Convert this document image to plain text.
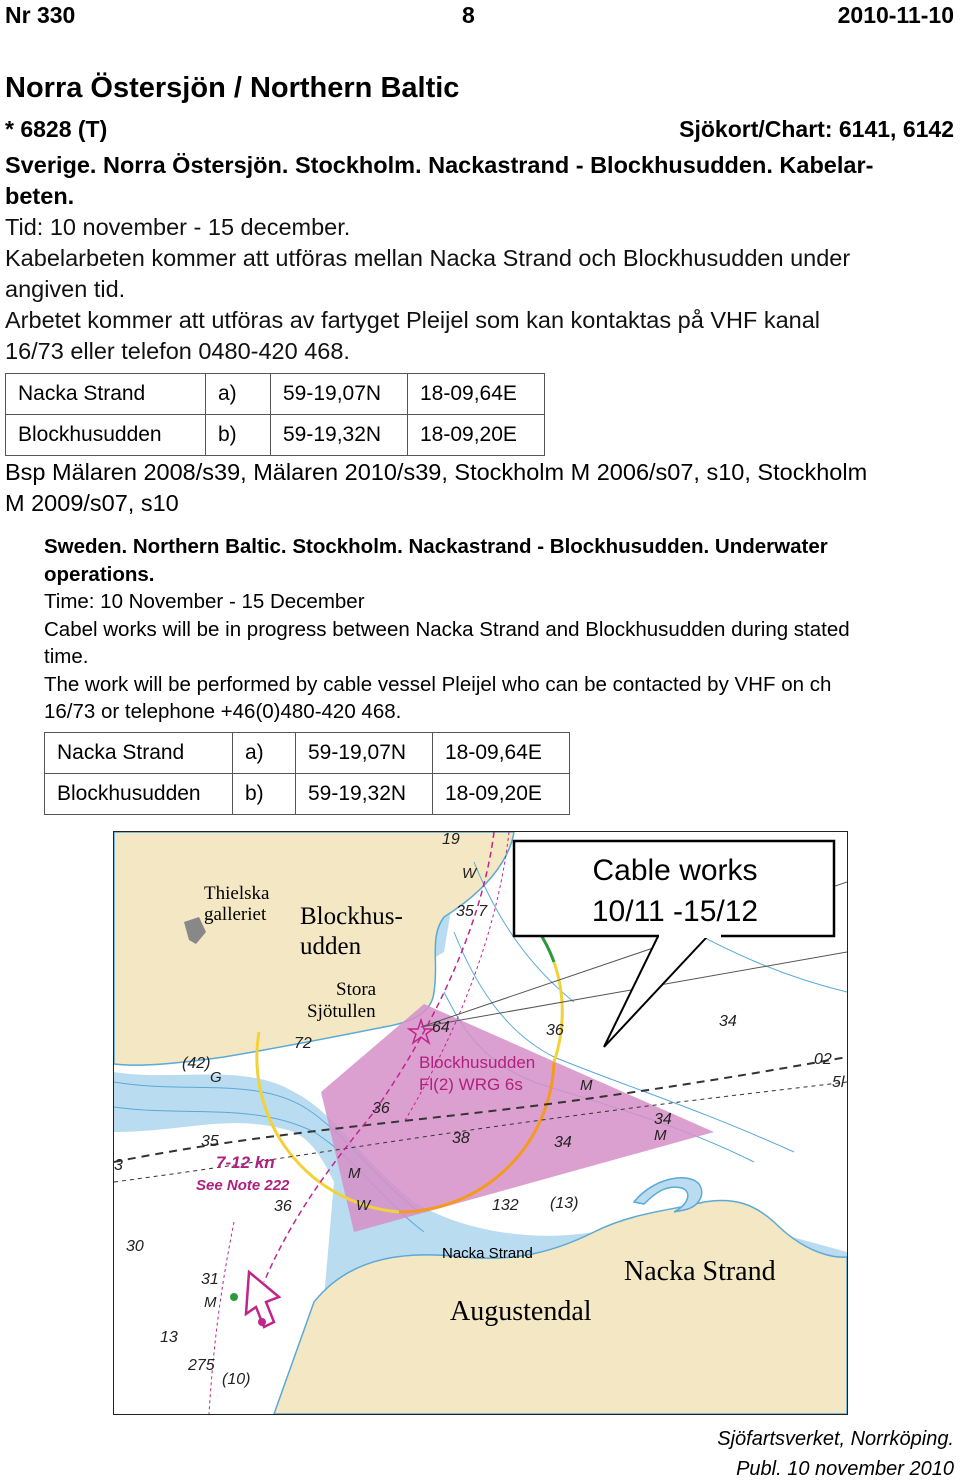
Nr 330	8	2010-11-10
Norra Östersjön / Northern Baltic
* 6828 (T)	Sjökort/Chart: 6141, 6142
Sverige. Norra Östersjön. Stockholm. Nackastrand - Blockhusudden. Kabelar-
beten.
Tid: 10 november - 15 december.
Kabelarbeten kommer att utföras mellan Nacka Strand och Blockhusudden under
angiven tid.
Arbetet kommer att utföras av fartyget Pleijel som kan kontaktas på VHF kanal
16/73 eller telefon 0480-420 468.
Nacka Strand	a)	59-19,07N	18-09,64E
Blockhusudden	b)	59-19,32N	18-09,20E
Bsp Mälaren 2008/s39, Mälaren 2010/s39, Stockholm M 2006/s07, s10, Stockholm
M 2009/s07, s10
Sweden. Northern Baltic. Stockholm. Nackastrand - Blockhusudden. Underwater
operations.
Time: 10 November - 15 December
Cabel works will be in progress between Nacka Strand and Blockhusudden during stated
time.
The work will be performed by cable vessel Pleijel who can be contacted by VHF on ch
16/73 or telephone +46(0)480-420 468.
Nacka Strand	a)	59-19,07N	18-09,64E
Blockhusudden	b)	59-19,32N	18-09,20E
Cable works
10/11 -15/12
Thielska
galleriet Blockhus-
udden
Stora
Sjötullen
Blockhusudden
Fl(2) WRG 6s
7-12 kn
See Note 222
Nacka Strand
Nacka Strand
Augustendal
36
34
36
38	34
34
35
36
30
31
3
19
35 7
72
64
(42)
132
13
275
(10)
02
5l
(13)
W
M
W
M
M
M
G
Sjöfartsverket, Norrköping.
Publ. 10 november 2010
